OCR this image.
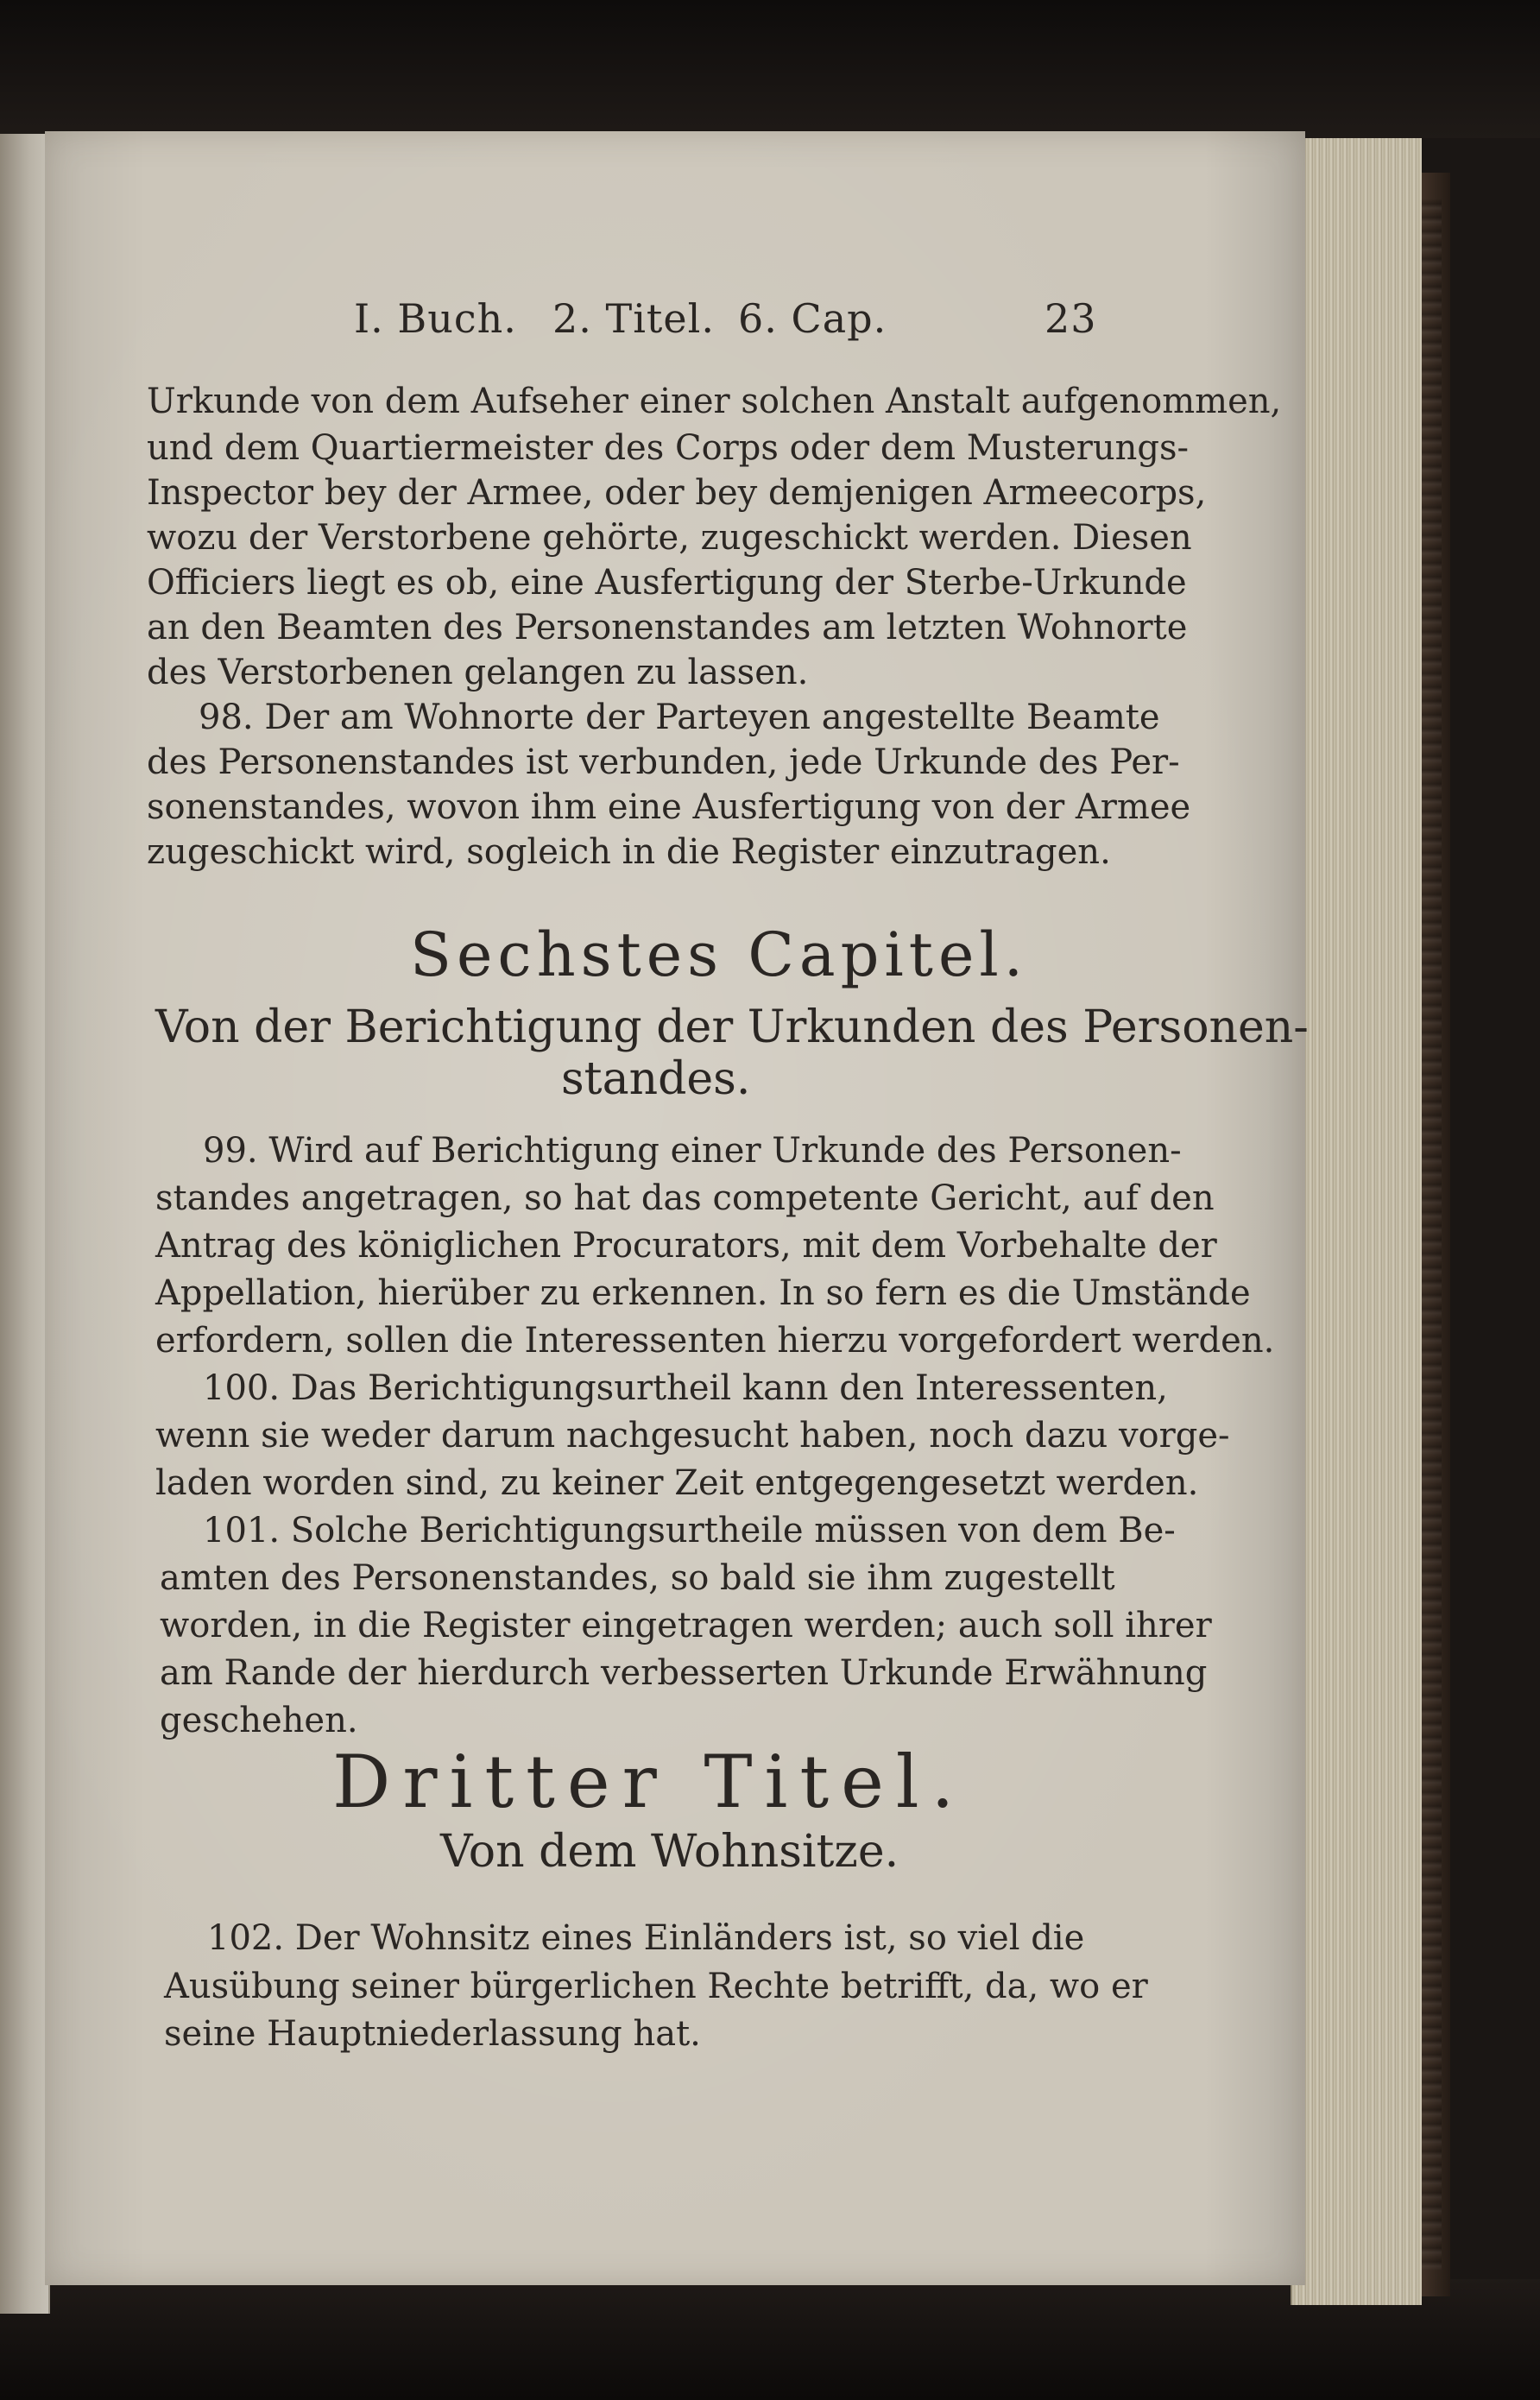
I. Buch. 2. Titel. 6. Cap.	23
Urkunde von dem Aufseher einer solchen Anstalt aufgenommen,
und dem Quartiermeister des Corps oder dem Musterungs-
Inspector bey der Armee, oder bey demjenigen Armeecorps,
wozu der Verstorbene gehörte, zugeschickt werden. Diesen
Officiers liegt es ob, eine Ausfertigung der Sterbe-Urkunde
an den Beamten des Personenstandes am letzten Wohnorte
des Verstorbenen gelangen zu lassen.
98. Der am Wohnorte der Parteyen angestellte Beamte
des Personenstandes ist verbunden, jede Urkunde des Per-
sonenstandes, wovon ihm eine Ausfertigung von der Armee
zugeschickt wird, sogleich in die Register einzutragen.
Sechstes Capitel.
Von der Berichtigung der Urkunden des Personen-
standes.
99. Wird auf Berichtigung einer Urkunde des Personen-
standes angetragen, so hat das competente Gericht, auf den
Antrag des königlichen Procurators, mit dem Vorbehalte der
Appellation, hierüber zu erkennen. In so fern es die Umstände
erfordern, sollen die Interessenten hierzu vorgefordert werden.
100. Das Berichtigungsurtheil kann den Interessenten,
wenn sie weder darum nachgesucht haben, noch dazu vorge-
laden worden sind, zu keiner Zeit entgegengesetzt werden.
101. Solche Berichtigungsurtheile müssen von dem Be-
amten des Personenstandes, so bald sie ihm zugestellt
worden, in die Register eingetragen werden; auch soll ihrer
am Rande der hierdurch verbesserten Urkunde Erwähnung
geschehen.
Dritter Titel.
Von dem Wohnsitze.
102. Der Wohnsitz eines Einländers ist, so viel die
Ausübung seiner bürgerlichen Rechte betrifft, da, wo er
seine Hauptniederlassung hat.
